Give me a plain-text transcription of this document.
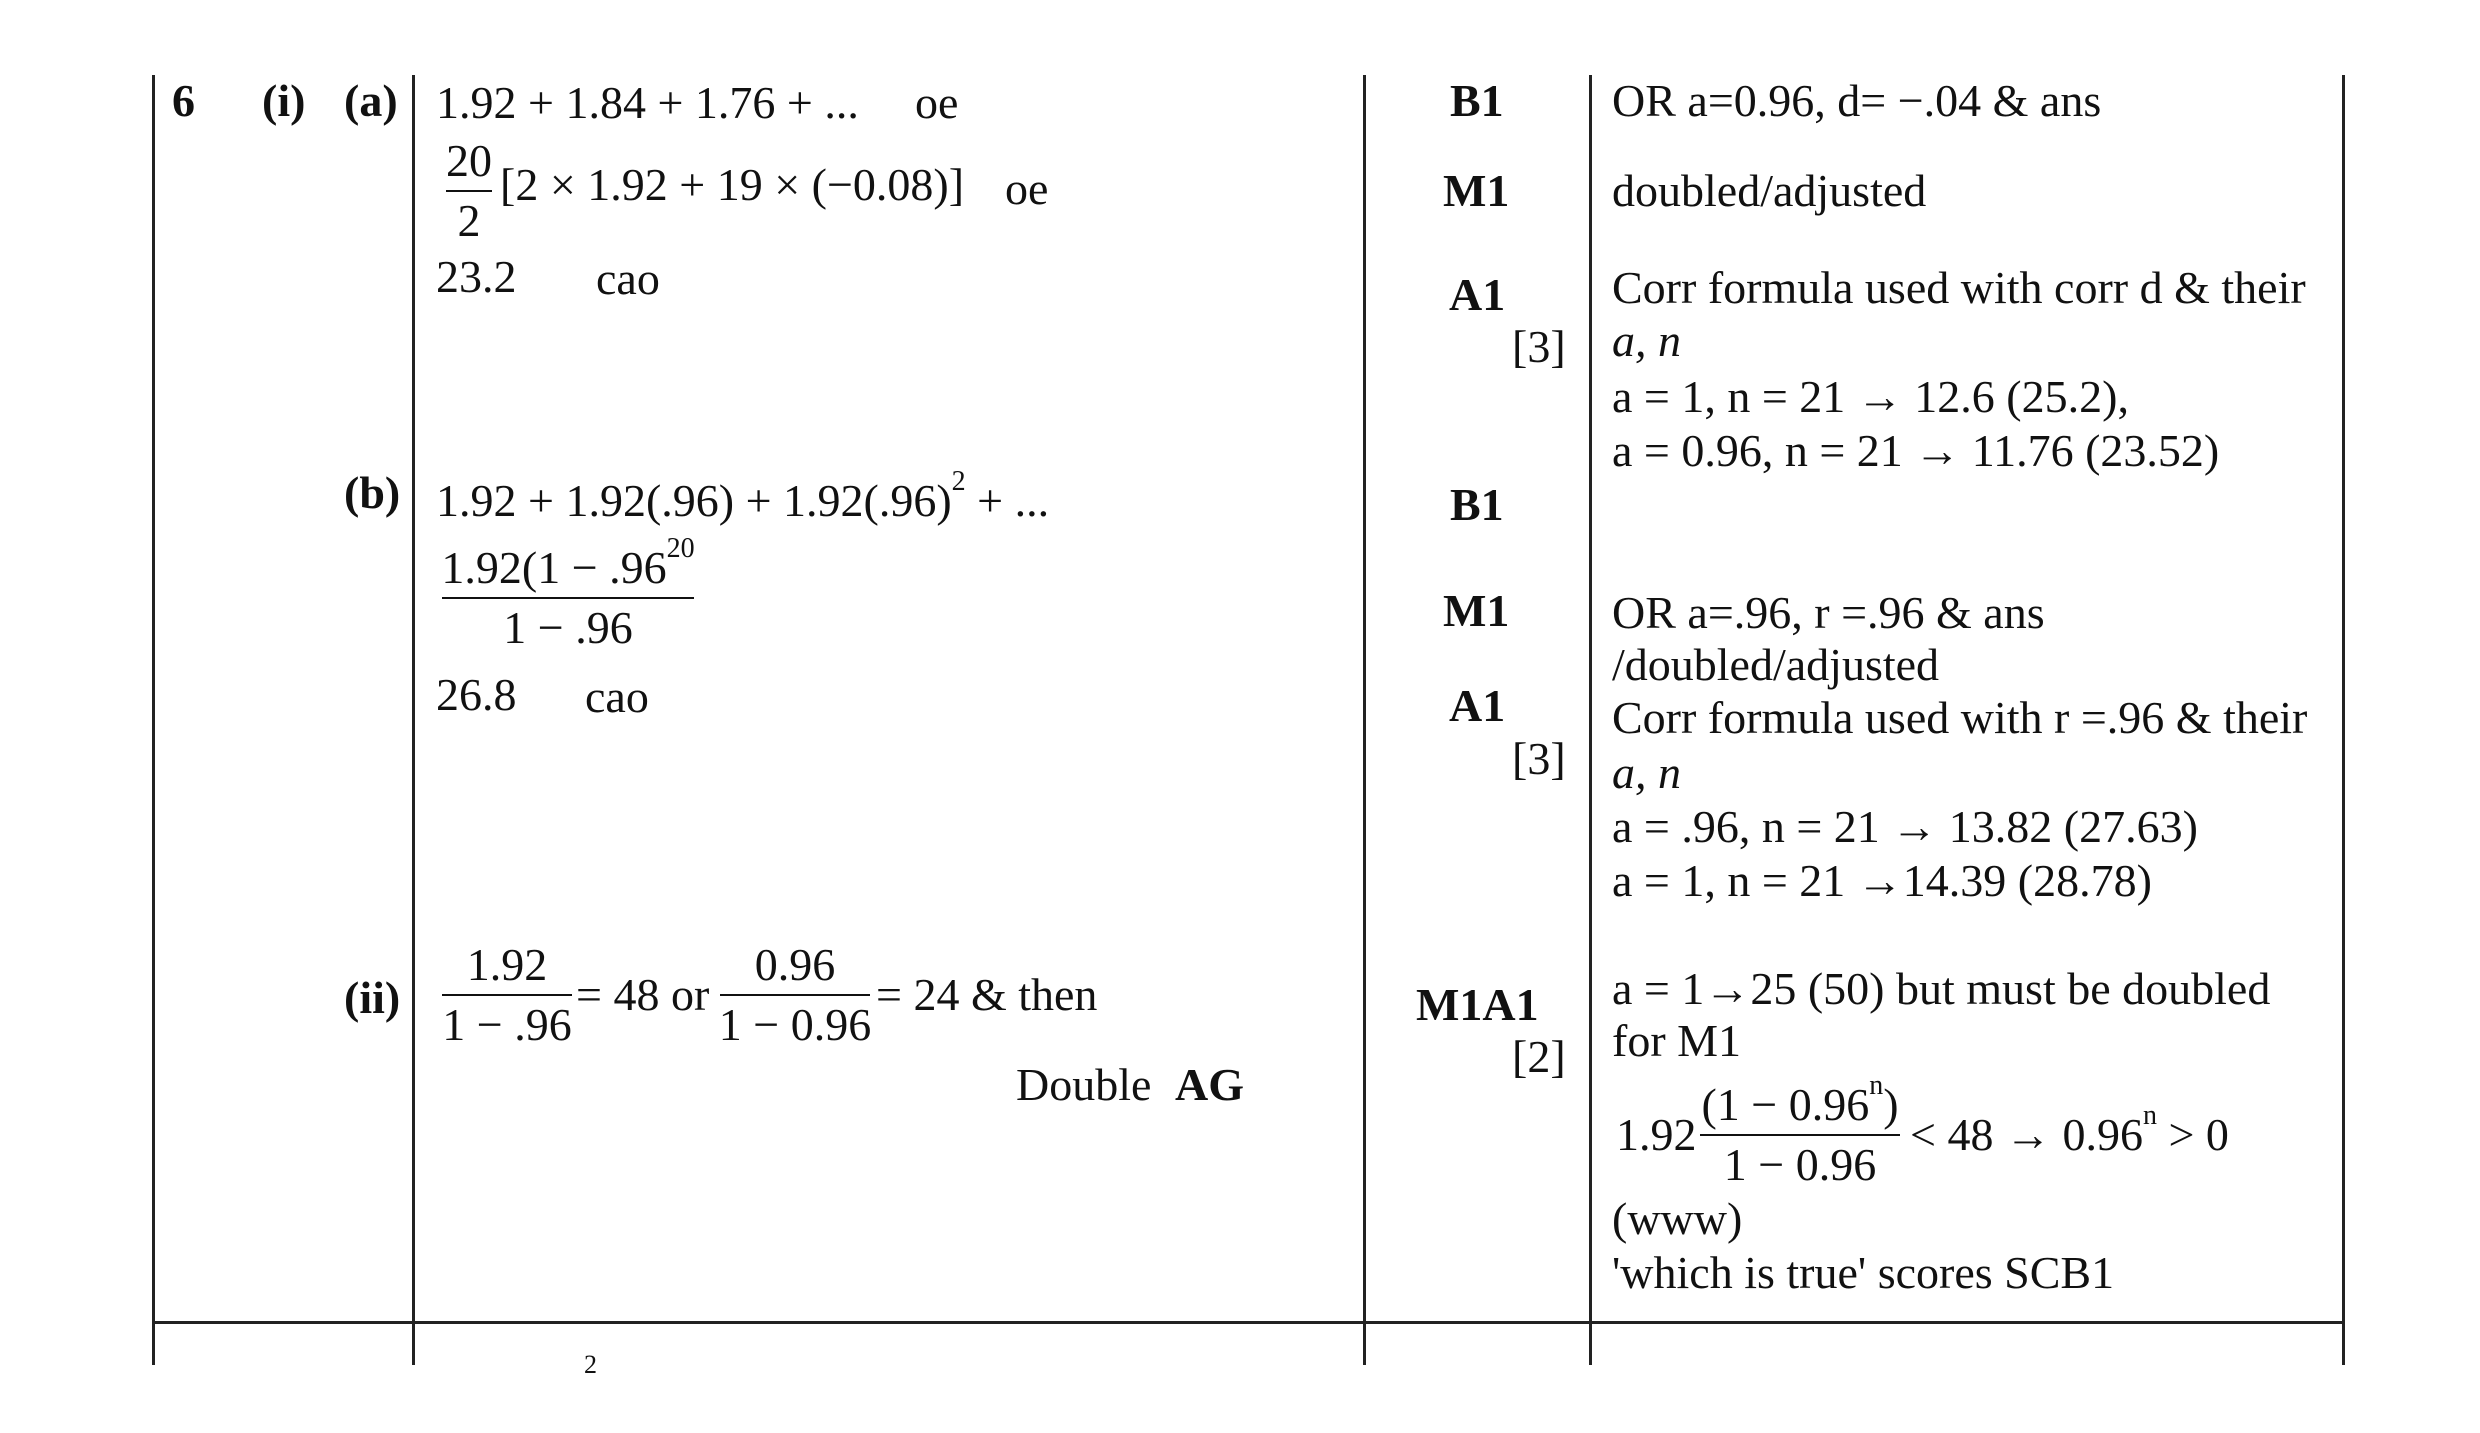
6 (i) (a)
(b)
(ii)
1.92 + 1.84 + 1.76 + ... oe
20
2
[2 × 1.92 + 19 × (−0.08)] oe
23.2 cao
B1
M1
A1
[3]
OR a=0.96, d= −.04 & ans
doubled/adjusted
Corr formula used with corr d & their
a, n
a = 1, n = 21 → 12.6 (25.2),
a = 0.96, n = 21 → 11.76 (23.52)
$1.92 + 1.92(.96) + 1.92(.96)^2$ + ...
$1.92(1 - .96^{20}$
1 − .96
26.8 cao
B1
M1
A1
[3]
OR a=.96, r =.96 & ans
/doubled/adjusted
Corr formula used with r =.96 & their
a, n
a = .96, n = 21 → 13.82 (27.63)
a = 1, n = 21 →14.39 (28.78)
1.92
1 − .96
= 48 or
0.96
1 − 0.96
= 24 & then
Double AG
M1A1
[2]
a = 1→25 (50) but must be doubled
for M1
1.92
$(1 - 0.96^n)$
1 − 0.96
< $48 \to 0.96^n > 0$
(www)
'which is true' scores SCB1
2
